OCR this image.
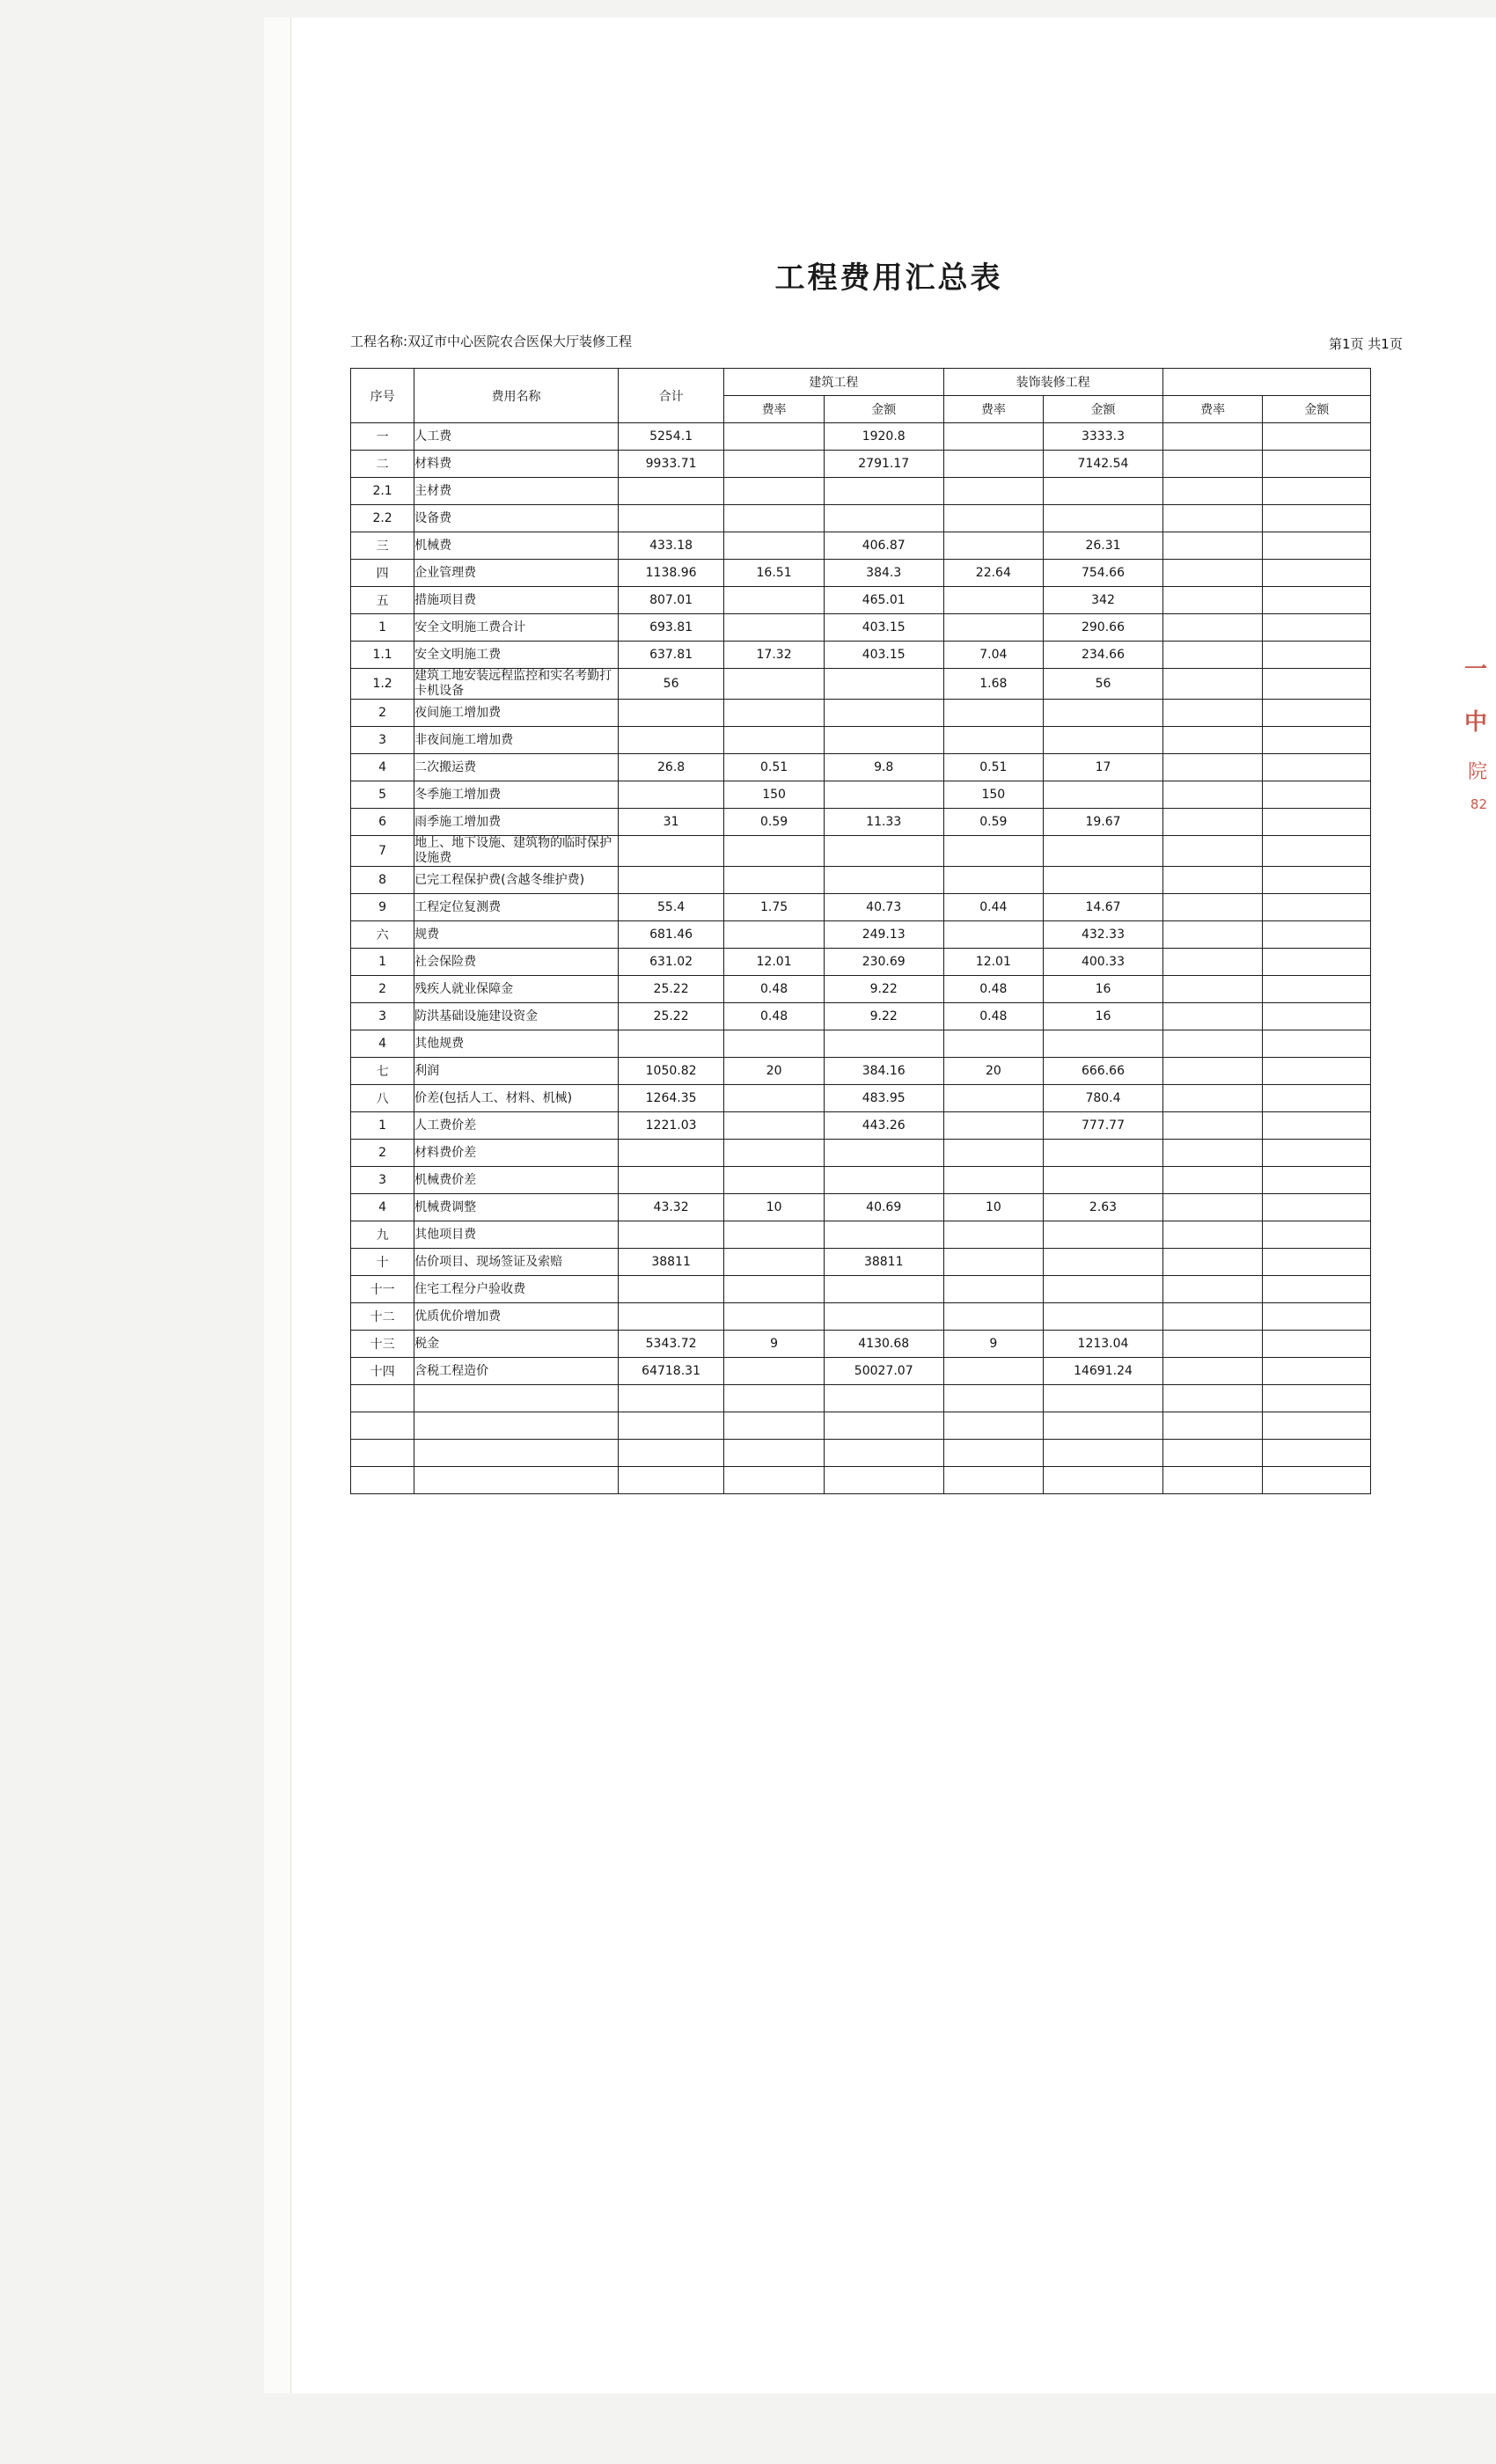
工程费用汇总表
工程名称:双辽市中心医院农合医保大厅装修工程	第1页 共1页
序号	费用名称	合计	建筑工程		装饰装修工程			
			费率	金额	费率	金额	费率	金额
一	人工费	5254.1		1920.8		3333.3		
二	材料费	9933.71		2791.17		7142.54		
2.1	主材费							
2.2	设备费							
三	机械费	433.18		406.87		26.31		
四	企业管理费	1138.96	16.51	384.3	22.64	754.66		
五	措施项目费	807.01		465.01		342		
1	安全文明施工费合计	693.81		403.15		290.66		
1.1	安全文明施工费	637.81	17.32	403.15	7.04	234.66		
1.2	建筑工地安装远程监控和实名考勤打卡机设备	56			1.68	56		
2	夜间施工增加费							
3	非夜间施工增加费							
4	二次搬运费	26.8	0.51	9.8	0.51	17		
5	冬季施工增加费		150		150			
6	雨季施工增加费	31	0.59	11.33	0.59	19.67		
7	地上、地下设施、建筑物的临时保护设施费							
8	已完工程保护费(含越冬维护费)							
9	工程定位复测费	55.4	1.75	40.73	0.44	14.67		
六	规费	681.46		249.13		432.33		
1	社会保险费	631.02	12.01	230.69	12.01	400.33		
2	残疾人就业保障金	25.22	0.48	9.22	0.48	16		
3	防洪基础设施建设资金	25.22	0.48	9.22	0.48	16		
4	其他规费							
七	利润	1050.82	20	384.16	20	666.66		
八	价差(包括人工、材料、机械)	1264.35		483.95		780.4		
1	人工费价差	1221.03		443.26		777.77		
2	材料费价差							
3	机械费价差							
4	机械费调整	43.32	10	40.69	10	2.63		
九	其他项目费							
十	估价项目、现场签证及索赔	38811		38811				
十一	住宅工程分户验收费							
十二	优质优价增加费							
十三	税金	5343.72	9	4130.68	9	1213.04		
十四	含税工程造价	64718.31		50027.07		14691.24		

一
中
院
82
